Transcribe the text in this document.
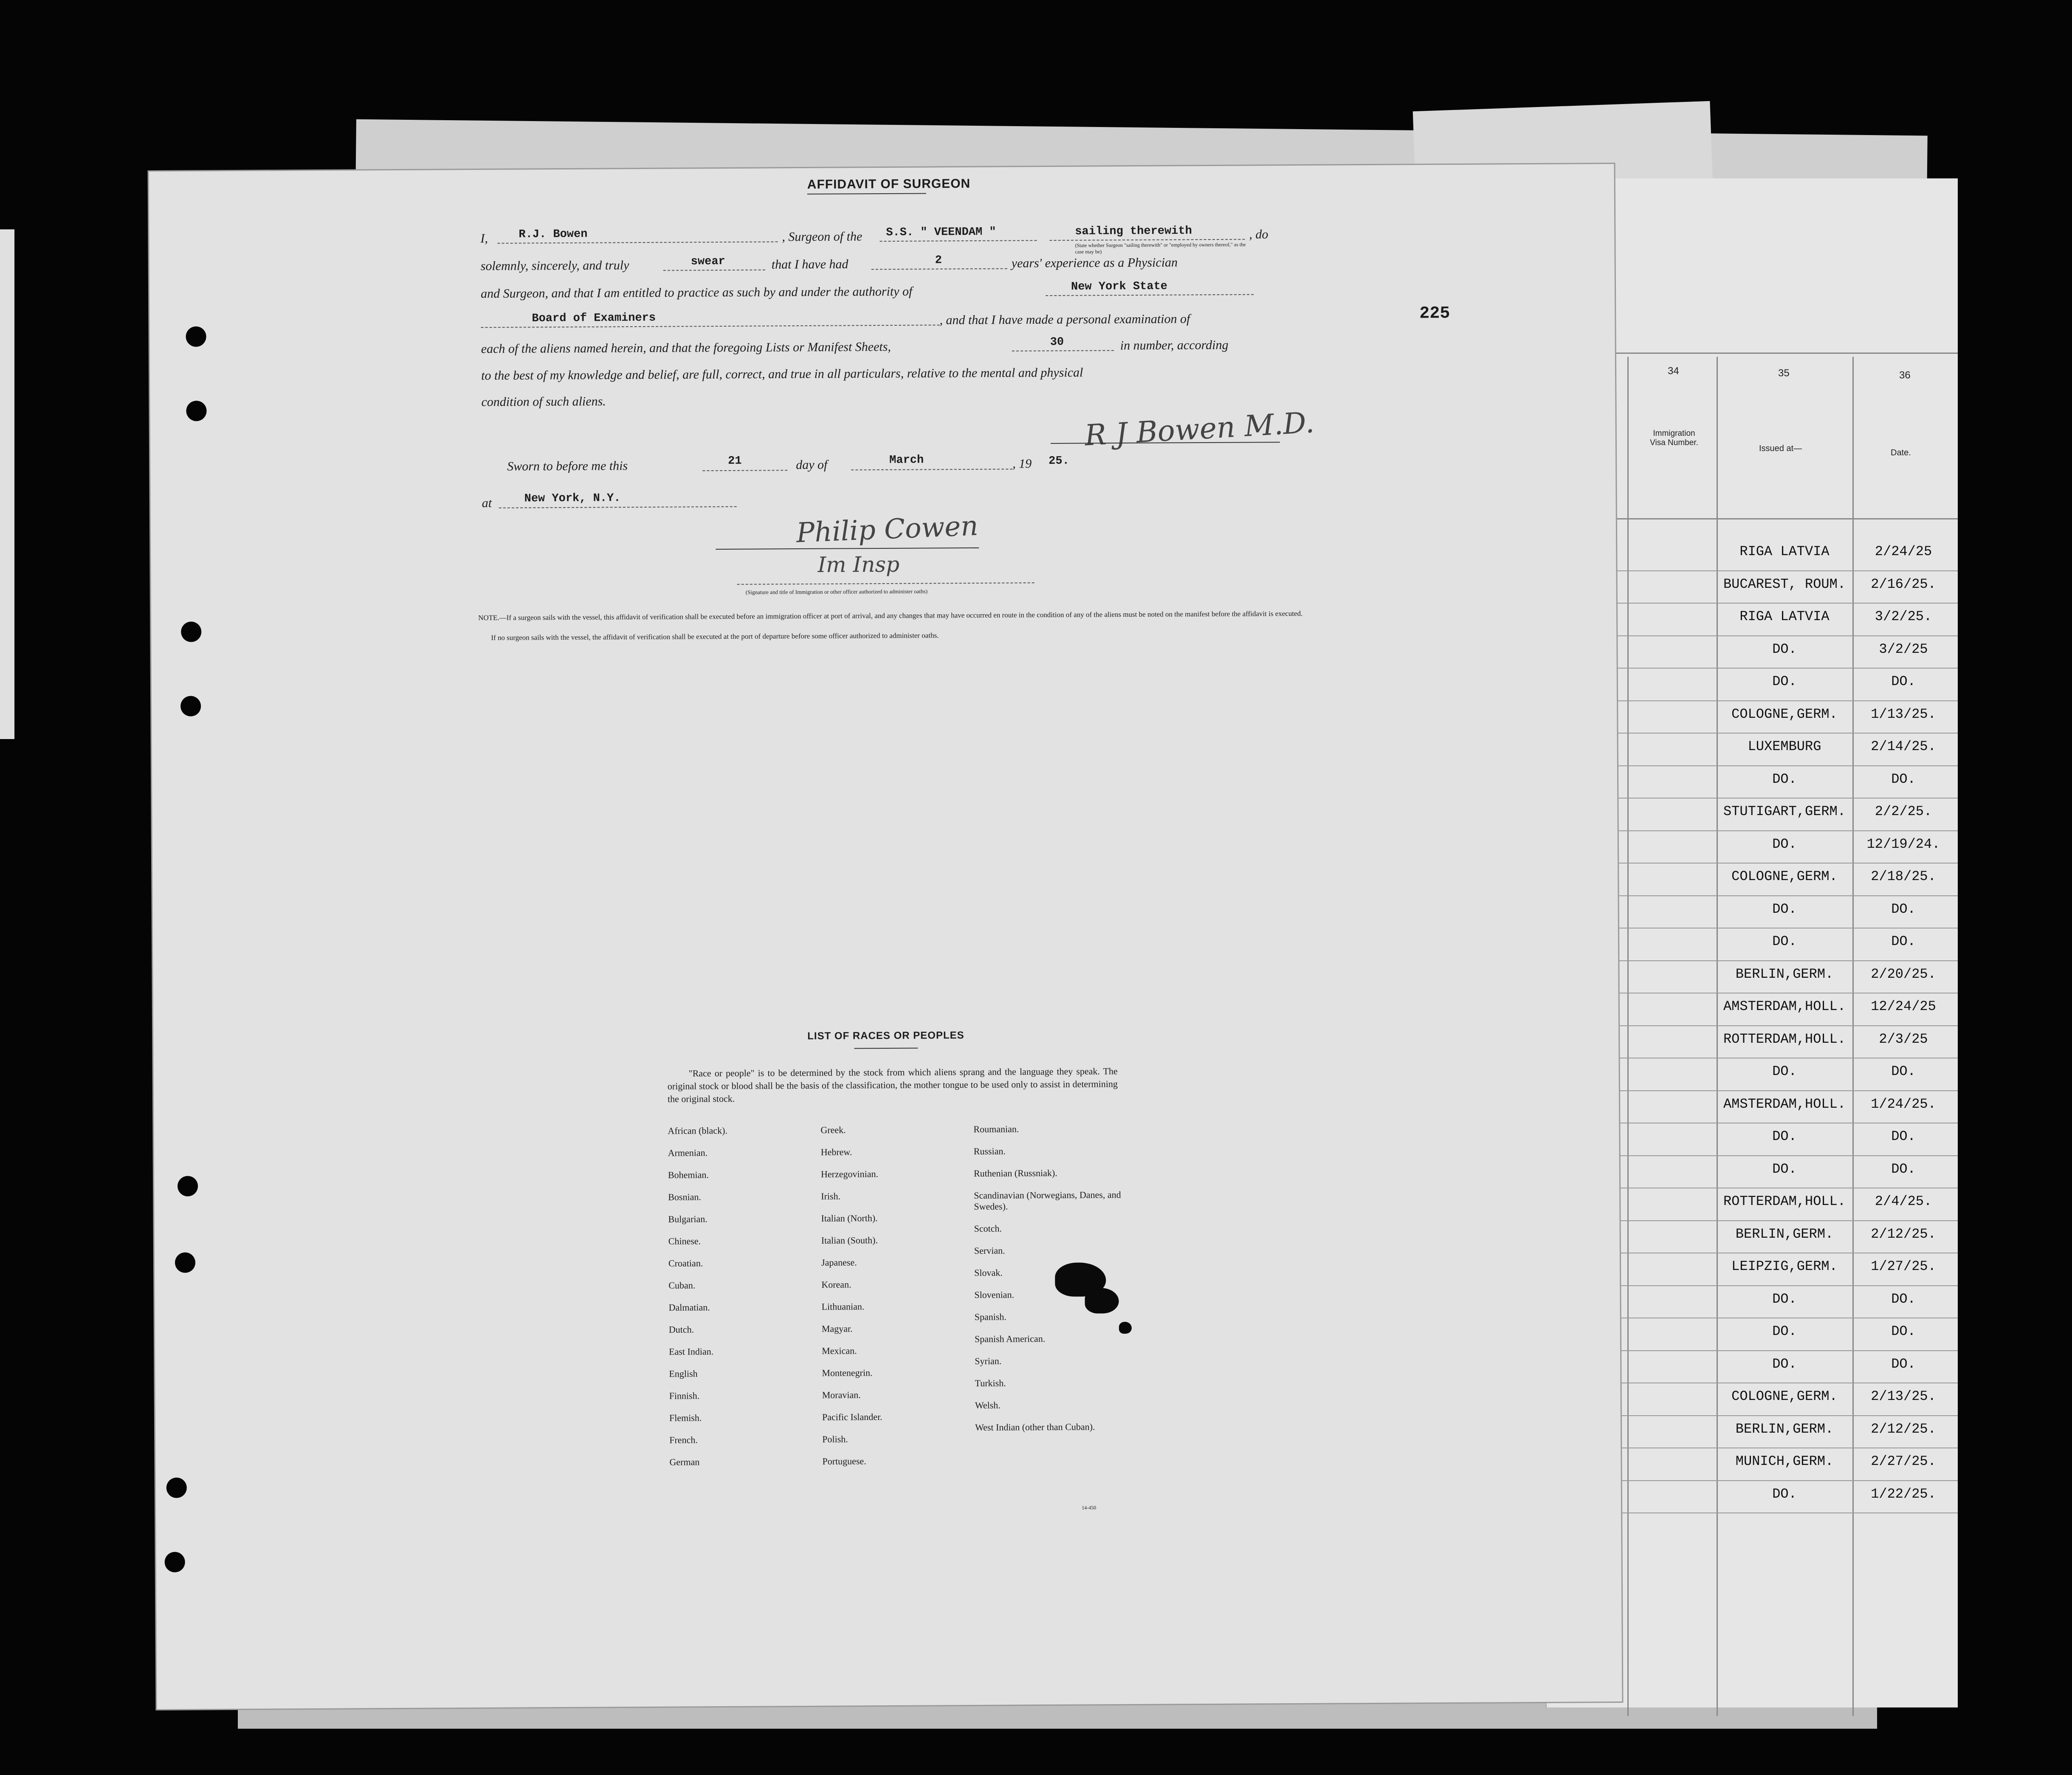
34	35	36
Immigration Visa Number.
Issued at—	Date.
RIGA LATVIA	2/24/25
BUCAREST, ROUM.	2/16/25.
RIGA LATVIA	3/2/25.
DO.	3/2/25
DO.	DO.
COLOGNE,GERM.	1/13/25.
LUXEMBURG	2/14/25.
DO.	DO.
STUTIGART,GERM.	2/2/25.
DO.	12/19/24.
COLOGNE,GERM.	2/18/25.
DO.	DO.
DO.	DO.
BERLIN,GERM.	2/20/25.
AMSTERDAM,HOLL.	12/24/25
ROTTERDAM,HOLL.	2/3/25
DO.	DO.
AMSTERDAM,HOLL.	1/24/25.
DO.	DO.
DO.	DO.
ROTTERDAM,HOLL.	2/4/25.
BERLIN,GERM.	2/12/25.
LEIPZIG,GERM.	1/27/25.
DO.	DO.
DO.	DO.
DO.	DO.
COLOGNE,GERM.	2/13/25.
BERLIN,GERM.	2/12/25.
MUNICH,GERM.	2/27/25.
DO.	1/22/25.
AFFIDAVIT OF SURGEON
I,	R.J. Bowen	, Surgeon of the S.S. " VEENDAM "	sailing therewith	, do
(State whether Surgeon "sailing therewith" or "employed by owners thereof," as the case may be)
solemnly, sincerely, and truly	swear	that I have had	2	years' experience as a Physician
and Surgeon, and that I am entitled to practice as such by and under the authority of	New York State
Board of Examiners	, and that I have made a personal examination of	225
each of the aliens named herein, and that the foregoing Lists or Manifest Sheets,	30	in number, according
to the best of my knowledge and belief, are full, correct, and true in all particulars, relative to the mental and physical
condition of such aliens.
R J Bowen M.D.
Sworn to before me this	21	day of	March	, 19 25.
at	New York, N.Y.
Philip Cowen
Im Insp
(Signature and title of Immigration or other officer authorized to administer oaths)
NOTE.—If a surgeon sails with the vessel, this affidavit of verification shall be executed before an immigration officer at port of arrival, and any changes that may have occurred en route in the condition of any of the aliens must be noted on the manifest before the affidavit is executed.
If no surgeon sails with the vessel, the affidavit of verification shall be executed at the port of departure before some officer authorized to administer oaths.
LIST OF RACES OR PEOPLES
"Race or people" is to be determined by the stock from which aliens sprang and the language they speak. The original stock or blood shall be the basis of the classification, the mother tongue to be used only to assist in determining the original stock.
African (black).
Armenian.
Bohemian.
Bosnian.
Bulgarian.
Chinese.
Croatian.
Cuban.
Dalmatian.
Dutch.
East Indian.
English
Finnish.
Flemish.
French.
German
Greek.
Hebrew.
Herzegovinian.
Irish.
Italian (North).
Italian (South).
Japanese.
Korean.
Lithuanian.
Magyar.
Mexican.
Montenegrin.
Moravian.
Pacific Islander.
Polish.
Portuguese.
Roumanian.
Russian.
Ruthenian (Russniak).
Scandinavian (Norwegians, Danes, and Swedes).
Scotch.
Servian.
Slovak.
Slovenian.
Spanish.
Spanish American.
Syrian.
Turkish.
Welsh.
West Indian (other than Cuban).
14-450
